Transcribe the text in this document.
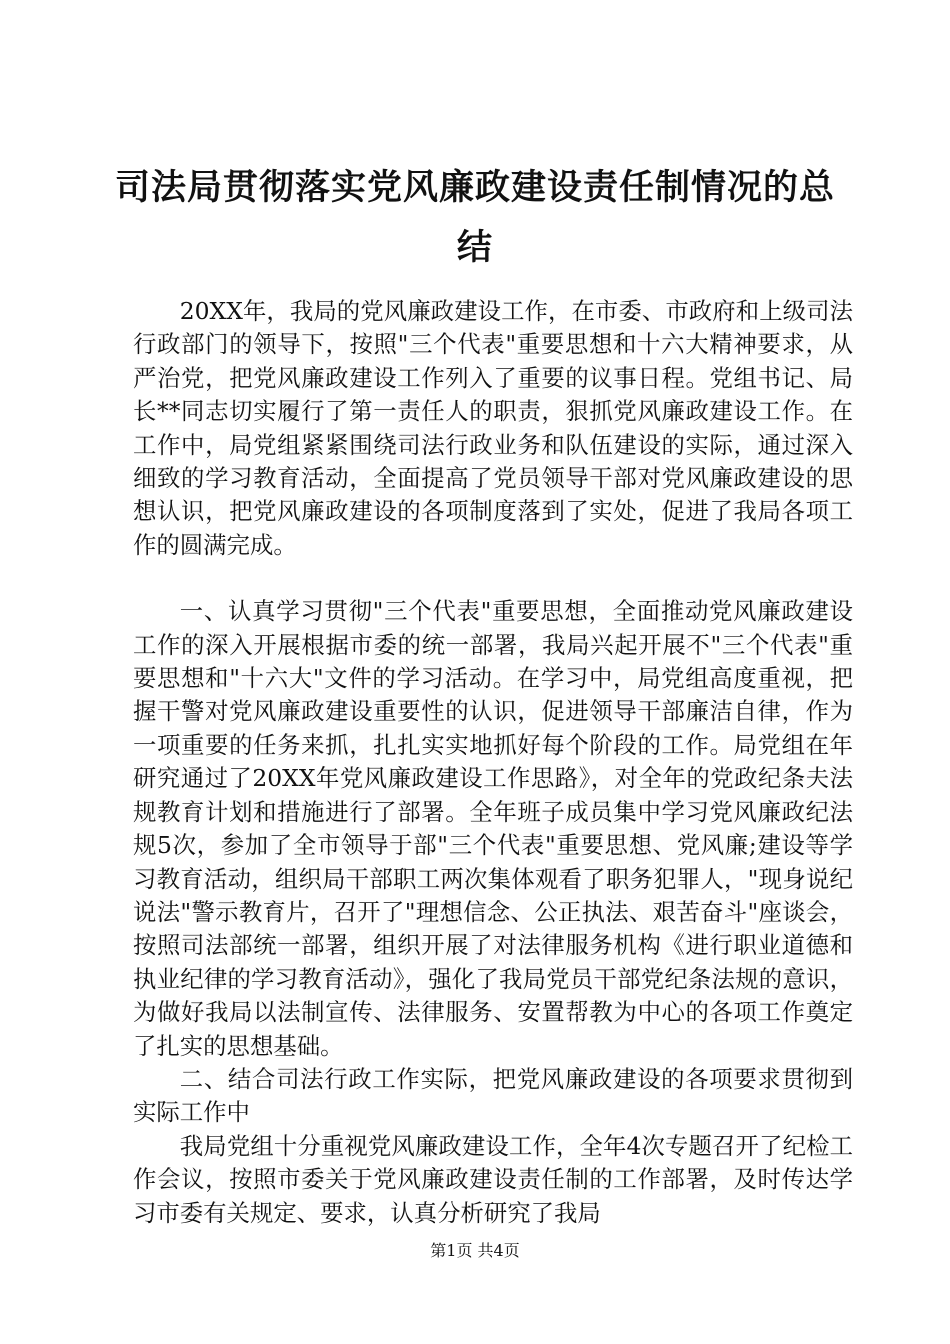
司法局贯彻落实党风廉政建设责任制情况的总结

20XX年，我局的党风廉政建设工作，在市委、市政府和上级司法行政部门的领导下，按照"三个代表"重要思想和十六大精神要求，从严治党，把党风廉政建设工作列入了重要的议事日程。党组书记、局长**同志切实履行了第一责任人的职责，狠抓党风廉政建设工作。在工作中，局党组紧紧围绕司法行政业务和队伍建设的实际，通过深入细致的学习教育活动，全面提高了党员领导干部对党风廉政建设的思想认识，把党风廉政建设的各项制度落到了实处，促进了我局各项工作的圆满完成。

一、认真学习贯彻"三个代表"重要思想，全面推动党风廉政建设工作的深入开展根据市委的统一部署，我局兴起开展不"三个代表"重要思想和"十六大"文件的学习活动。在学习中，局党组高度重视，把握干警对党风廉政建设重要性的认识，促进领导干部廉洁自律，作为一项重要的任务来抓，扎扎实实地抓好每个阶段的工作。局党组在年研究通过了20XX年党风廉政建设工作思路》，对全年的党政纪条夫法规教育计划和措施进行了部署。全年班子成员集中学习党风廉政纪法规5次，参加了全市领导于部"三个代表"重要思想、党风廉;建设等学习教育活动，组织局干部职工两次集体观看了职务犯罪人，"现身说纪说法"警示教育片，召开了"理想信念、公正执法、艰苦奋斗"座谈会，按照司法部统一部署，组织开展了对法律服务机构《进行职业道德和执业纪律的学习教育活动》，强化了我局党员干部党纪条法规的意识，为做好我局以法制宣传、法律服务、安置帮教为中心的各项工作奠定了扎实的思想基础。

二、结合司法行政工作实际，把党风廉政建设的各项要求贯彻到实际工作中

我局党组十分重视党风廉政建设工作，全年4次专题召开了纪检工作会议，按照市委关于党风廉政建设责任制的工作部署，及时传达学习市委有关规定、要求，认真分析研究了我局

第1页 共4页
